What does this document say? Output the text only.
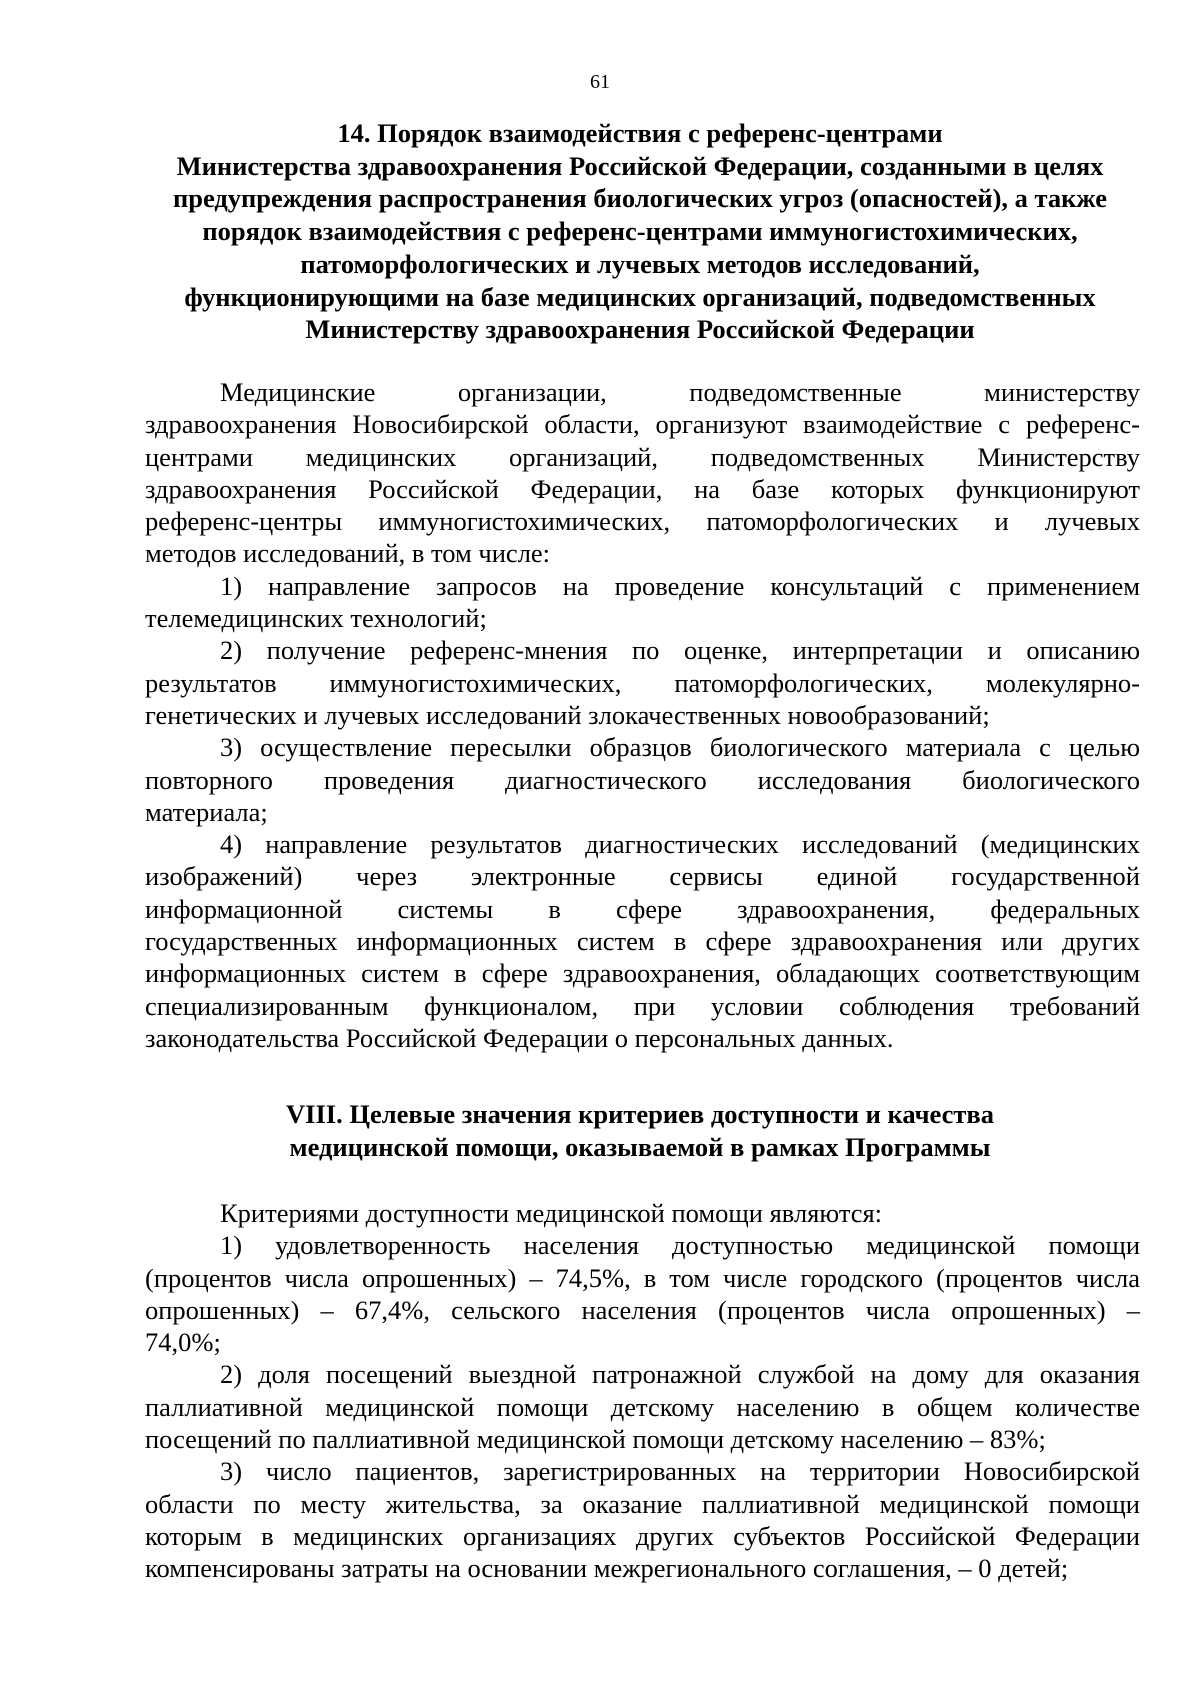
61
14. Порядок взаимодействия с референс-центрами
Министерства здравоохранения Российской Федерации, созданными в целях
предупреждения распространения биологических угроз (опасностей), а также
порядок взаимодействия с референс-центрами иммуногистохимических,
патоморфологических и лучевых методов исследований,
функционирующими на базе медицинских организаций, подведомственных
Министерству здравоохранения Российской Федерации

Медицинские организации, подведомственные министерству
здравоохранения Новосибирской области, организуют взаимодействие с референс-
центрами медицинских организаций, подведомственных Министерству
здравоохранения Российской Федерации, на базе которых функционируют
референс-центры иммуногистохимических, патоморфологических и лучевых
методов исследований, в том числе:

1) направление запросов на проведение консультаций с применением
телемедицинских технологий;

2) получение референс-мнения по оценке, интерпретации и описанию
результатов иммуногистохимических, патоморфологических, молекулярно-
генетических и лучевых исследований злокачественных новообразований;

3) осуществление пересылки образцов биологического материала с целью
повторного проведения диагностического исследования биологического
материала;

4) направление результатов диагностических исследований (медицинских
изображений) через электронные сервисы единой государственной
информационной системы в сфере здравоохранения, федеральных
государственных информационных систем в сфере здравоохранения или других
информационных систем в сфере здравоохранения, обладающих соответствующим
специализированным функционалом, при условии соблюдения требований
законодательства Российской Федерации о персональных данных.

VIII. Целевые значения критериев доступности и качества
медицинской помощи, оказываемой в рамках Программы

Критериями доступности медицинской помощи являются:

1) удовлетворенность населения доступностью медицинской помощи
(процентов числа опрошенных) – 74,5%, в том числе городского (процентов числа
опрошенных) – 67,4%, сельского населения (процентов числа опрошенных) –
74,0%;

2) доля посещений выездной патронажной службой на дому для оказания
паллиативной медицинской помощи детскому населению в общем количестве
посещений по паллиативной медицинской помощи детскому населению – 83%;

3) число пациентов, зарегистрированных на территории Новосибирской
области по месту жительства, за оказание паллиативной медицинской помощи
которым в медицинских организациях других субъектов Российской Федерации
компенсированы затраты на основании межрегионального соглашения, – 0 детей;
